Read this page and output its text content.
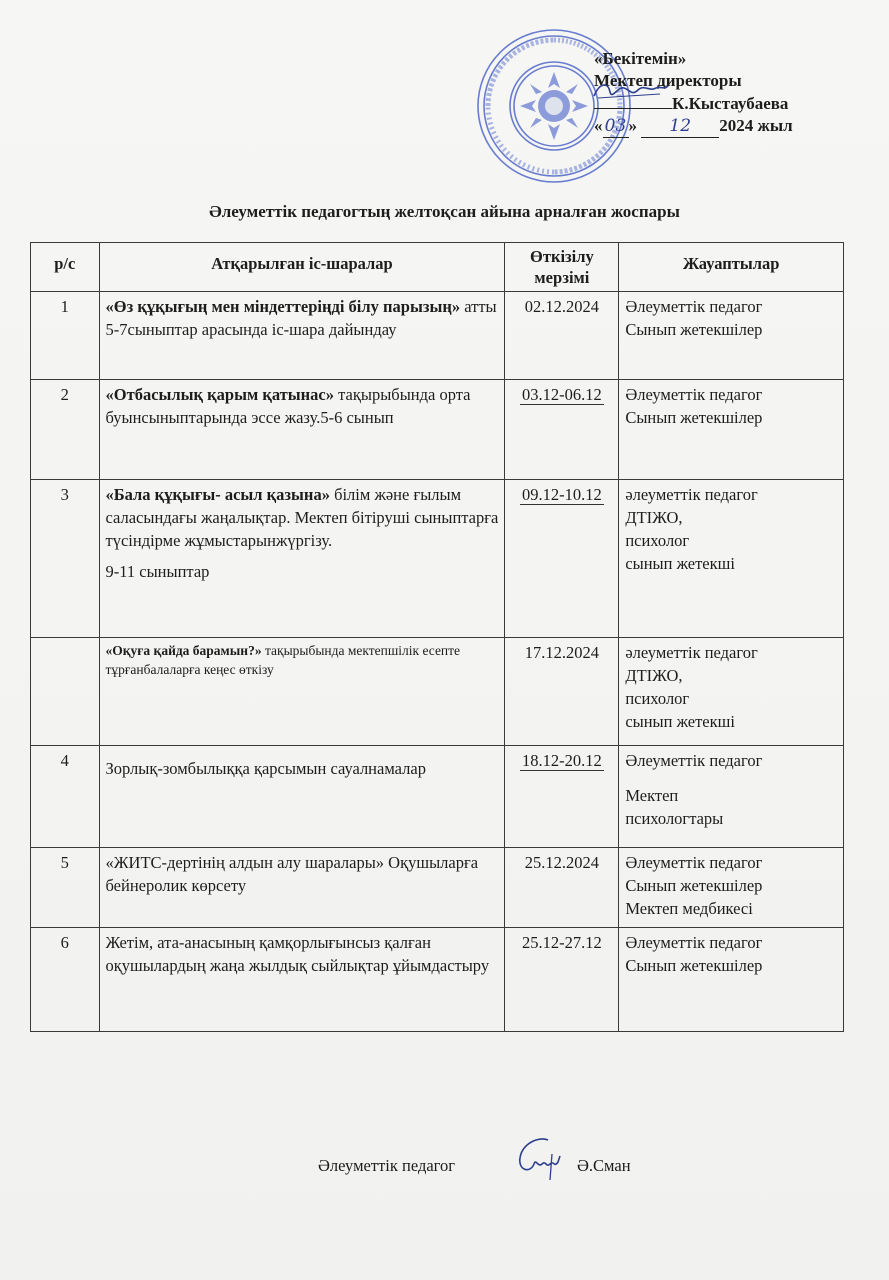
«Бекітемін»
Мектеп директоры
К.Кыстаубаева
« 03 » 12 2024 жыл
Әлеуметтік педагогтың желтоқсан айына арналған жоспары
р/с	Атқарылған іс-шаралар	Өткізілу мерзімі	Жауаптылар
1	«Өз құқығың мен міндеттеріңді білу парызың» атты 5-7сыныптар арасында іс-шара дайындау	02.12.2024	Әлеуметтік педагог
Сынып жетекшілер

2	«Отбасылық қарым қатынас» тақырыбында орта буынсыныптарында эссе жазу.5-6 сынып	03.12-06.12	Әлеуметтік педагог
Сынып жетекшілер

3	«Бала құқығы- асыл қазына» білім және ғылым саласындағы жаңалықтар. Мектеп бітіруші сыныптарға түсіндірме жұмыстарынжүргізу.
9-11 сыныптар	09.12-10.12	әлеуметтік педагог
ДТІЖО,
психолог
сынып жетекші

	«Оқуға қайда барамын?» тақырыбында мектепшілік есепте тұрғанбалаларға кеңес өткізу	17.12.2024	әлеуметтік педагог
ДТІЖО,
психолог
сынып жетекші

4	Зорлық-зомбылыққа қарсымын сауалнамалар	18.12-20.12	Әлеуметтік педагог
Мектеп
психологтары

5	«ЖИТС-дертінің алдын алу шаралары» Оқушыларға бейнеролик көрсету	25.12.2024	Әлеуметтік педагог
Сынып жетекшілер
Мектеп медбикесі

6	Жетім, ата-анасының қамқорлығынсыз қалған оқушылардың жаңа жылдық сыйлықтар ұйымдастыру	25.12-27.12	Әлеуметтік педагог
Сынып жетекшілер
Әлеуметтік педагог	Ә.Сман
